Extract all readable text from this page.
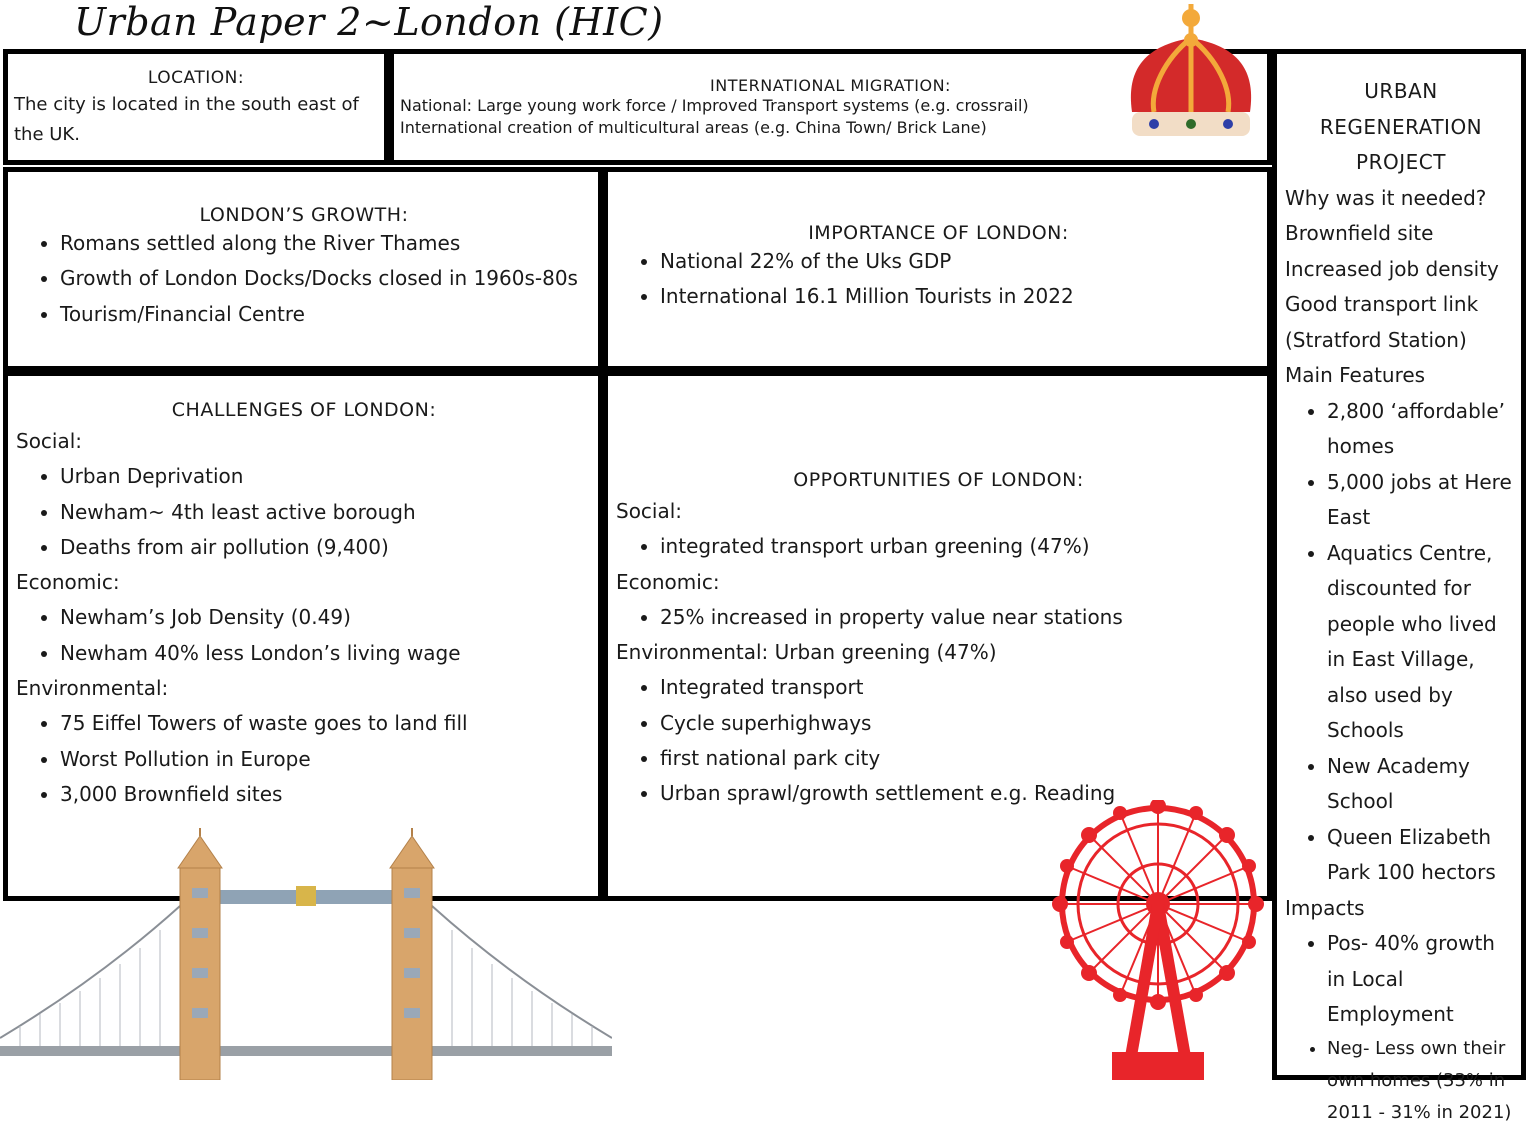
Urban Paper 2~London (HIC)

LOCATION:

The city is located in the south east of the UK.

INTERNATIONAL MIGRATION:

National: Large young work force / Improved Transport systems (e.g. crossrail)
International creation of multicultural areas (e.g. China Town/ Brick Lane)

LONDON’S GROWTH:

• Romans settled along the River Thames
• Growth of London Docks/Docks closed in 1960s-80s
• Tourism/Financial Centre

IMPORTANCE OF LONDON:

• National 22% of the Uks GDP
• International 16.1 Million Tourists in 2022

CHALLENGES OF LONDON:

Social:
• Urban Deprivation
• Newham~ 4th least active borough
• Deaths from air pollution (9,400)
Economic:
• Newham’s Job Density (0.49)
• Newham 40% less London’s living wage
Environmental:
• 75 Eiffel Towers of waste goes to land fill
• Worst Pollution in Europe
• 3,000 Brownfield sites

OPPORTUNITIES OF LONDON:

Social:
• integrated transport urban greening (47%)
Economic:
• 25% increased in property value near stations
Environmental: Urban greening (47%)
• Integrated transport
• Cycle superhighways
• first national park city
• Urban sprawl/growth settlement e.g. Reading
URBAN REGENERATION
PROJECT
Why was it needed?
Brownfield site
Increased job density
Good transport link
(Stratford Station)
Main Features
• 2,800 ‘affordable’ homes
• 5,000 jobs at Here East
• Aquatics Centre, discounted for people who lived in East Village, also used by Schools
• New Academy School
• Queen Elizabeth Park 100 hectors
Impacts
• Pos- 40% growth in Local Employment
• Neg- Less own their own homes (33% in 2011 - 31% in 2021)
